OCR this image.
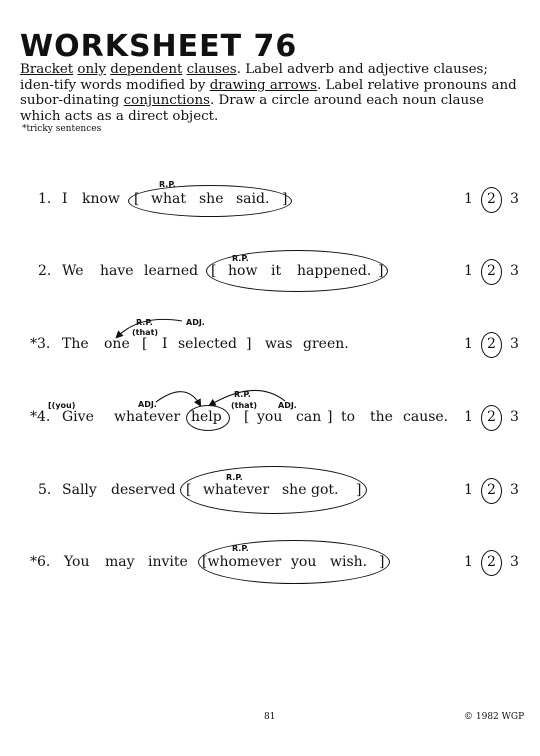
WORKSHEET 76
Bracket only dependent clauses. Label adverb and adjective clauses; iden-tify words modified by drawing arrows. Label relative pronouns and subor-dinating conjunctions. Draw a circle around each noun clause which acts as a direct object.
*tricky sentences
1. I know [ what she said. ]
R.P.
1 2 3
2. We have learned [ how it happened. ]
R.P.
1 2 3
*3. The one [ I selected ] was green.
R.P.
(that)
ADJ.
1 2 3
*4. Give whatever help [ you can ] to the cause.
[(you)	ADJ.
R.P.
(that)	ADJ.
1 2 3
5. Sally deserved [ whatever she got. ]
R.P.
1 2 3
*6. You may invite [whomever you wish. ]
R.P.
1 2 3
81	© 1982 WGP
